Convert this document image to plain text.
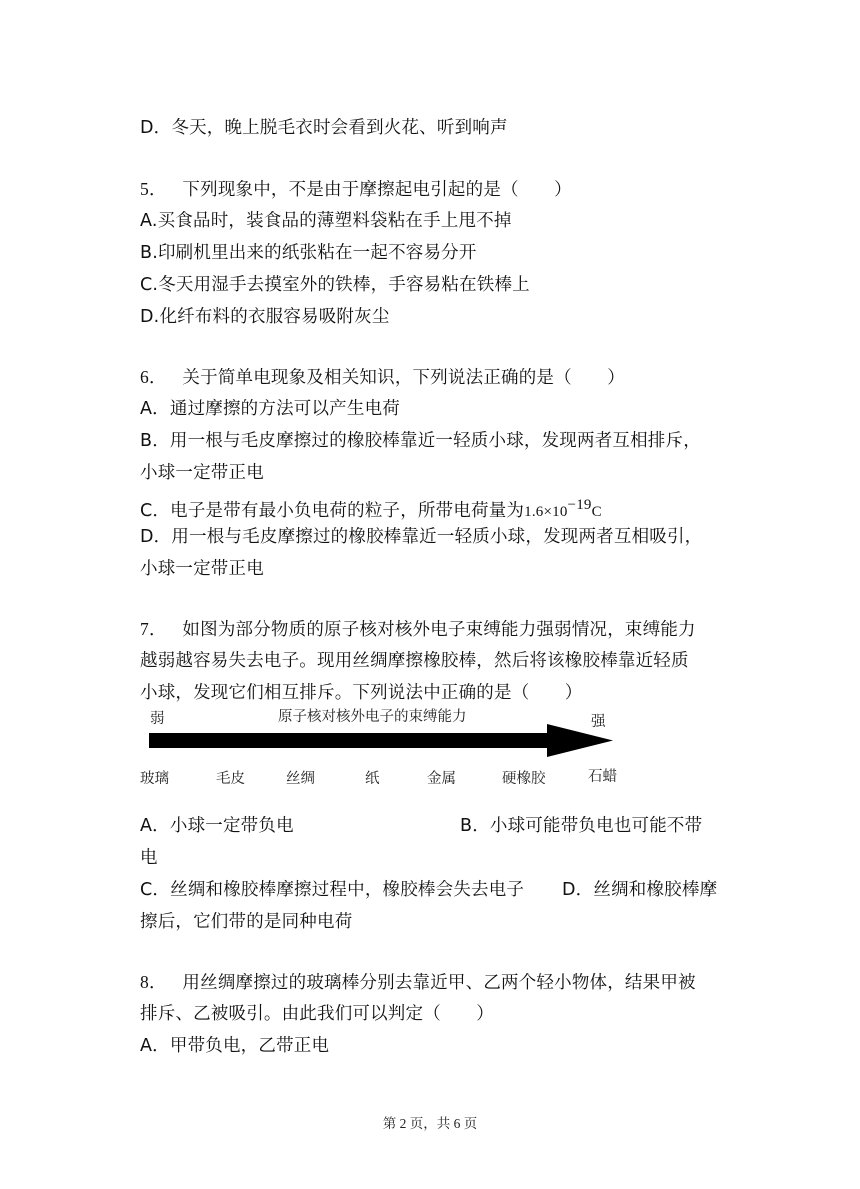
D．冬天，晚上脱毛衣时会看到火花、听到响声
5． 下列现象中，不是由于摩擦起电引起的是（　　）
A.买食品时，装食品的薄塑料袋粘在手上甩不掉
B.印刷机里出来的纸张粘在一起不容易分开
C.冬天用湿手去摸室外的铁棒，手容易粘在铁棒上
D.化纤布料的衣服容易吸附灰尘
6． 关于简单电现象及相关知识，下列说法正确的是（　　）
A．通过摩擦的方法可以产生电荷
B．用一根与毛皮摩擦过的橡胶棒靠近一轻质小球，发现两者互相排斥，
小球一定带正电
C．电子是带有最小负电荷的粒子，所带电荷量为1.6×10−19C
D．用一根与毛皮摩擦过的橡胶棒靠近一轻质小球，发现两者互相吸引，
小球一定带正电
7． 如图为部分物质的原子核对核外电子束缚能力强弱情况，束缚能力
越弱越容易失去电子。现用丝绸摩擦橡胶棒，然后将该橡胶棒靠近轻质
小球，发现它们相互排斥。下列说法中正确的是（　　）
弱	原子核对核外电子的束缚能力	强
玻璃	毛皮	丝绸	纸	金属	硬橡胶	石蜡
A．小球一定带负电	B．小球可能带负电也可能不带
电
C．丝绸和橡胶棒摩擦过程中，橡胶棒会失去电子 D．丝绸和橡胶棒摩
擦后，它们带的是同种电荷
8． 用丝绸摩擦过的玻璃棒分别去靠近甲、乙两个轻小物体，结果甲被
排斥、乙被吸引。由此我们可以判定（　　）
A．甲带负电，乙带正电
第 2 页，共 6 页
